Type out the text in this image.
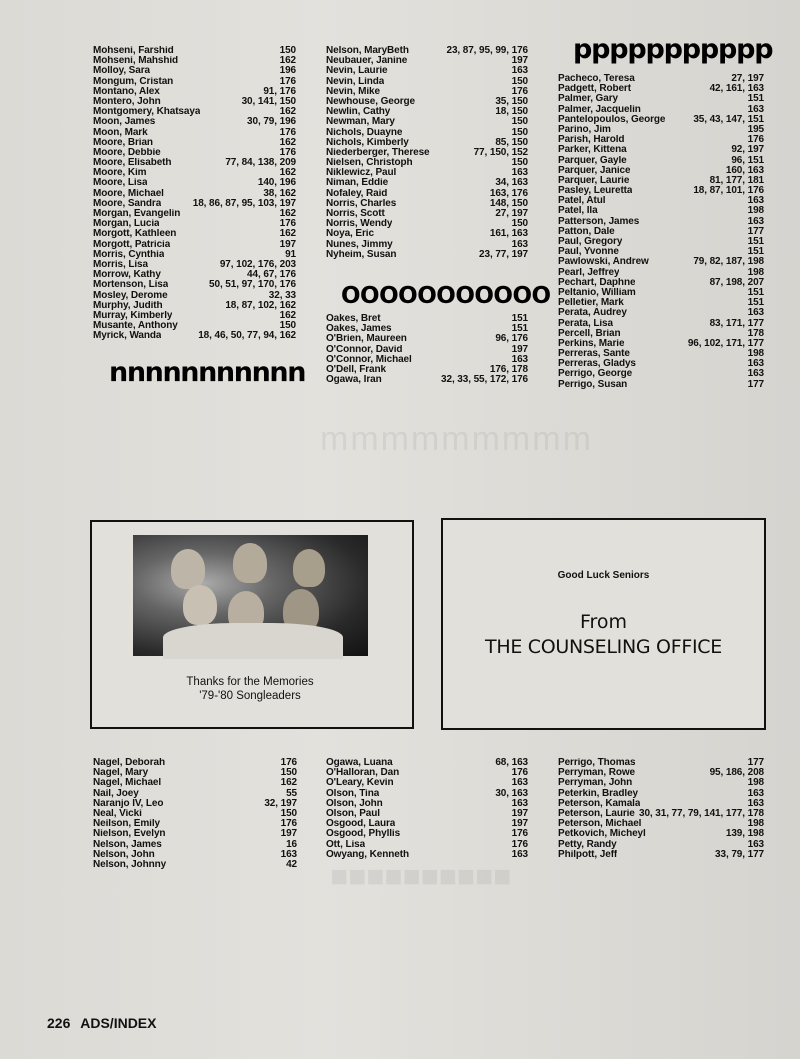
mmmmmmmmm
■■■■■■■■■■
Mohseni, Farshid	150
Mohseni, Mahshid	162
Molloy, Sara	196
Mongum, Cristan	176
Montano, Alex	91, 176
Montero, John	30, 141, 150
Montgomery, Khatsaya	162
Moon, James	30, 79, 196
Moon, Mark	176
Moore, Brian	162
Moore, Debbie	176
Moore, Elisabeth	77, 84, 138, 209
Moore, Kim	162
Moore, Lisa	140, 196
Moore, Michael	38, 162
Moore, Sandra	18, 86, 87, 95, 103, 197
Morgan, Evangelin	162
Morgan, Lucia	176
Morgott, Kathleen	162
Morgott, Patricia	197
Morris, Cynthia	91
Morris, Lisa	97, 102, 176, 203
Morrow, Kathy	44, 67, 176
Mortenson, Lisa	50, 51, 97, 170, 176
Mosley, Derome	32, 33
Murphy, Judith	18, 87, 102, 162
Murray, Kimberly	162
Musante, Anthony	150
Myrick, Wanda	18, 46, 50, 77, 94, 162
Nelson, MaryBeth	23, 87, 95, 99, 176
Neubauer, Janine	197
Nevin, Laurie	163
Nevin, Linda	150
Nevin, Mike	176
Newhouse, George	35, 150
Newlin, Cathy	18, 150
Newman, Mary	150
Nichols, Duayne	150
Nichols, Kimberly	85, 150
Niederberger, Therese	77, 150, 152
Nielsen, Christoph	150
Niklewicz, Paul	163
Niman, Eddie	34, 163
Nofaley, Raid	163, 176
Norris, Charles	148, 150
Norris, Scott	27, 197
Norris, Wendy	150
Noya, Eric	161, 163
Nunes, Jimmy	163
Nyheim, Susan	23, 77, 197
OOOOOOOOOOO
Oakes, Bret	151
Oakes, James	151
O'Brien, Maureen	96, 176
O'Connor, David	197
O'Connor, Michael	163
O'Dell, Frank	176, 178
Ogawa, Iran	32, 33, 55, 172, 176
ppppppppppp
Pacheco, Teresa	27, 197
Padgett, Robert	42, 161, 163
Palmer, Gary	151
Palmer, Jacquelin	163
Pantelopoulos, George	35, 43, 147, 151
Parino, Jim	195
Parish, Harold	176
Parker, Kittena	92, 197
Parquer, Gayle	96, 151
Parquer, Janice	160, 163
Parquer, Laurie	81, 177, 181
Pasley, Leuretta	18, 87, 101, 176
Patel, Atul	163
Patel, Ila	198
Patterson, James	163
Patton, Dale	177
Paul, Gregory	151
Paul, Yvonne	151
Pawlowski, Andrew	79, 82, 187, 198
Pearl, Jeffrey	198
Pechart, Daphne	87, 198, 207
Peltanio, William	151
Pelletier, Mark	151
Perata, Audrey	163
Perata, Lisa	83, 171, 177
Percell, Brian	178
Perkins, Marie	96, 102, 171, 177
Perreras, Sante	198
Perreras, Gladys	163
Perrigo, George	163
Perrigo, Susan	177
nnnnnnnnnnn
Thanks for the Memories
'79-'80 Songleaders
Good Luck Seniors
From
THE COUNSELING OFFICE
Nagel, Deborah	176
Nagel, Mary	150
Nagel, Michael	162
Nail, Joey	55
Naranjo IV, Leo	32, 197
Neal, Vicki	150
Neilson, Emily	176
Nielson, Evelyn	197
Nelson, James	16
Nelson, John	163
Nelson, Johnny	42
Ogawa, Luana	68, 163
O'Halloran, Dan	176
O'Leary, Kevin	163
Olson, Tina	30, 163
Olson, John	163
Olson, Paul	197
Osgood, Laura	197
Osgood, Phyllis	176
Ott, Lisa	176
Owyang, Kenneth	163
Perrigo, Thomas	177
Perryman, Rowe	95, 186, 208
Perryman, John	198
Peterkin, Bradley	163
Peterson, Kamala	163
Peterson, Laurie 30, 31, 77, 79, 141, 177, 178
Peterson, Michael	198
Petkovich, Micheyl	139, 198
Petty, Randy	163
Philpott, Jeff	33, 79, 177
226 ADS/INDEX
